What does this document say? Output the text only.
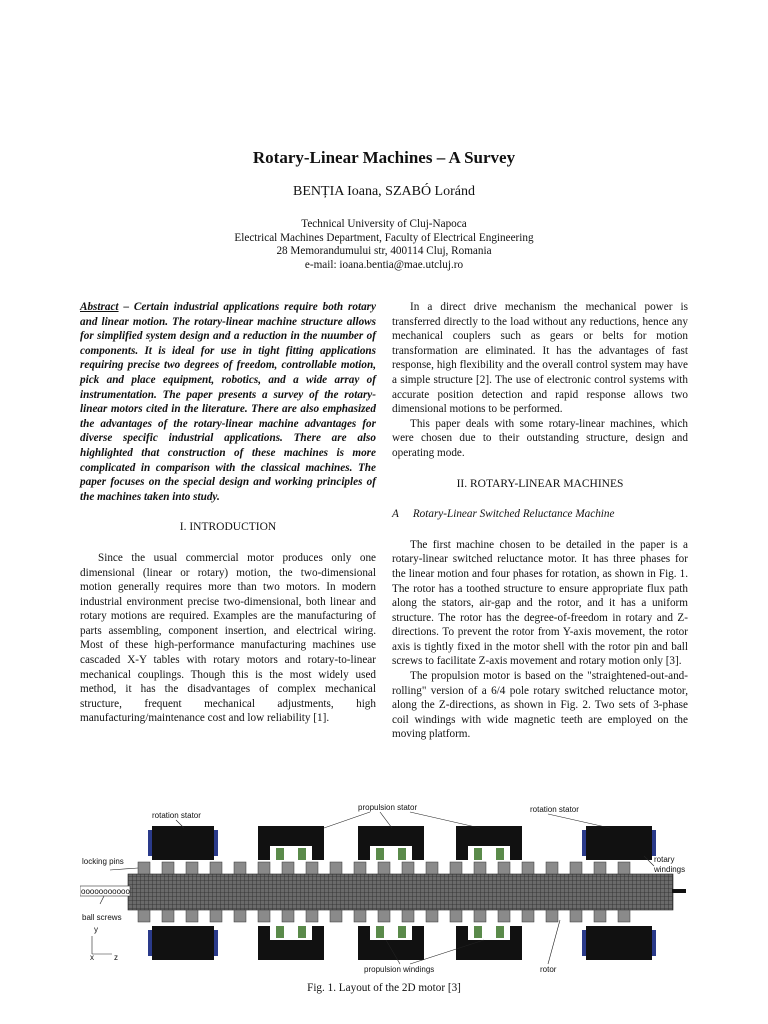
Rotary-Linear Machines – A Survey
BENȚIA Ioana, SZABÓ Loránd
Technical University of Cluj-Napoca
Electrical Machines Department, Faculty of Electrical Engineering
28 Memorandumului str, 400114 Cluj, Romania
e-mail: ioana.bentia@mae.utcluj.ro

Abstract – Certain industrial applications require both rotary and linear motion. The rotary-linear machine structure allows for simplified system design and a reduction in the nuumber of components. It is ideal for use in tight fitting applications requiring precise two degrees of freedom, controllable motion, pick and place equipment, robotics, and a wide array of instrumentation. The paper presents a survey of the rotary-linear motors cited in the literature. There are also emphasized the advantages of the rotary-linear machine advantages for diverse specific industrial applications. There are also highlighted that construction of these machines is more complicated in comparison with the classical machines. The paper focuses on the special design and working principles of the machines taken into study.

I. INTRODUCTION

Since the usual commercial motor produces only one dimensional (linear or rotary) motion, the two-dimensional motion generally requires more than two motors. In modern industrial environment precise two-dimensional, both linear and rotary motions are required. Examples are the manufacturing of parts assembling, component insertion, and electrical wiring. Most of these high-performance manufacturing machines use cascaded X-Y tables with rotary motors and rotary-to-linear mechanical couplings. Though this is the most widely used method, it has the disadvantages of complex mechanical structure, frequent mechanical adjustments, high manufacturing/maintenance cost and low reliability [1].

In a direct drive mechanism the mechanical power is transferred directly to the load without any reductions, hence any mechanical couplers such as gears or belts for motion transformation are eliminated. It has the advantages of fast response, high flexibility and the overall control system may have a simple structure [2]. The use of electronic control systems with accurate position detection and rapid response allows two dimensional motions to be performed.

This paper deals with some rotary-linear machines, which were chosen due to their outstanding structure, design and operating mode.

II. ROTARY-LINEAR MACHINES

A Rotary-Linear Switched Reluctance Machine

The first machine chosen to be detailed in the paper is a rotary-linear switched reluctance motor. It has three phases for the linear motion and four phases for rotation, as shown in Fig. 1. The rotor has a toothed structure to ensure appropriate flux path along the stators, air-gap and the rotor, and it has a uniform structure. The rotor has the degree-of-freedom in rotary and Z-directions. To prevent the rotor from Y-axis movement, the rotor axis is tightly fixed in the motor shell with the rotor pin and ball screws to facilitate Z-axis movement and rotary motion only [3].

The propulsion motor is based on the "straightened-out-and-rolling" version of a 6/4 pole rotary switched reluctance motor, along the Z-directions, as shown in Fig. 2. Two sets of 3-phase coil windings with wide magnetic teeth are employed on the moving platform.

ooooooooooo
rotation stator
propulsion stator	rotation stator
locking pins	rotary
windings
ball screws
y
x	z
propulsion windings	rotor
Fig. 1. Layout of the 2D motor [3]
